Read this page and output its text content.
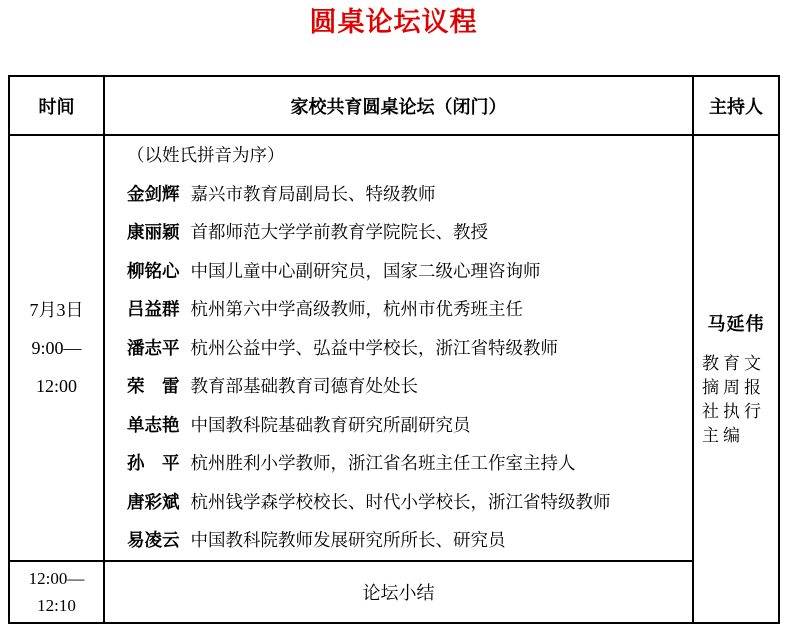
圆桌论坛议程
时间	家校共育圆桌论坛（闭门）	主持人

7月3日
9:00—
12:00

（以姓氏拼音为序）
金剑辉 嘉兴市教育局副局长、特级教师
康丽颖 首都师范大学学前教育学院院长、教授
柳铭心 中国儿童中心副研究员，国家二级心理咨询师
吕益群 杭州第六中学高级教师，杭州市优秀班主任
潘志平 杭州公益中学、弘益中学校长，浙江省特级教师
荣　雷 教育部基础教育司德育处处长
单志艳 中国教科院基础教育研究所副研究员
孙　平 杭州胜利小学教师，浙江省名班主任工作室主持人
唐彩斌 杭州钱学森学校校长、时代小学校长，浙江省特级教师
易凌云 中国教科院教师发展研究所所长、研究员

马延伟
教育文摘周报社执行主编

12:00—
12:10	论坛小结	
